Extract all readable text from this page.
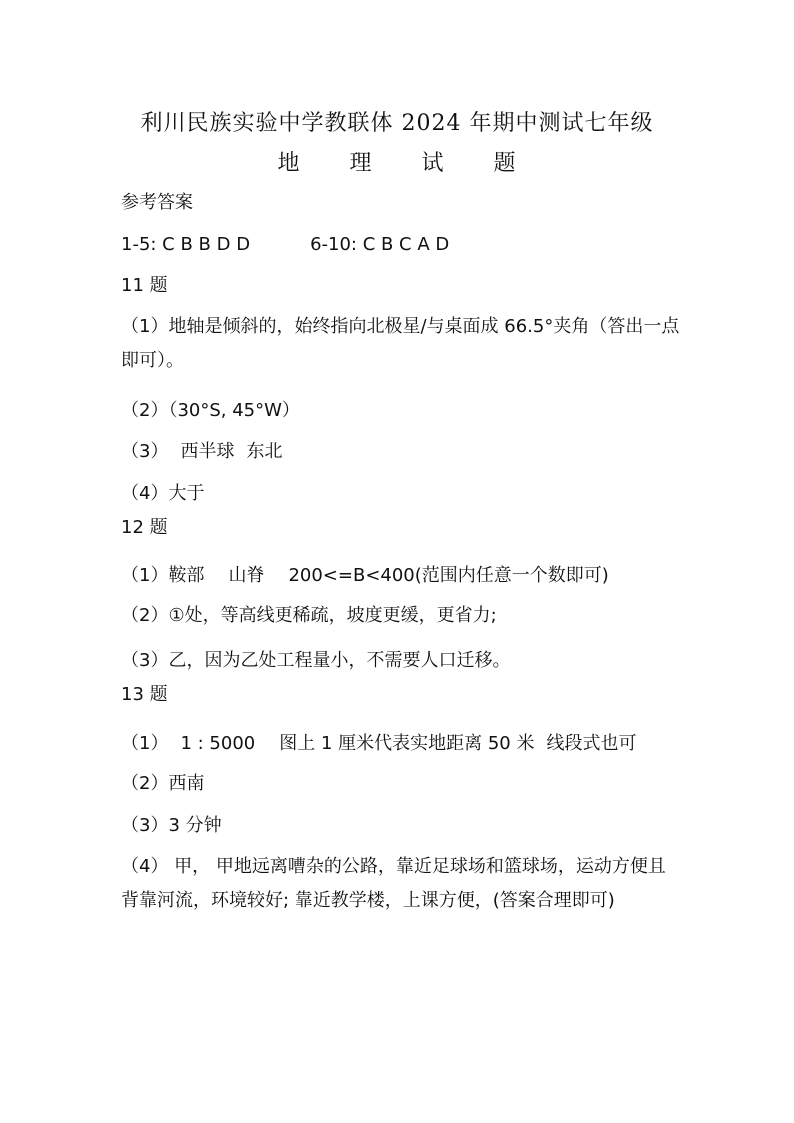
利川民族实验中学教联体 2024 年期中测试七年级
地	理	试	题
参考答案
1-5: C B B D D	6-10: C B C A D
11 题
（1）地轴是倾斜的，始终指向北极星/与桌面成 66.5°夹角（答出一点即可）。
（2）（30°S, 45°W）
（3） 西半球 东北
（4）大于
12 题
（1）鞍部 山脊 200<=B<400(范围内任意一个数即可)
（2）①处，等高线更稀疏，坡度更缓，更省力;
（3）乙，因为乙处工程量小，不需要人口迁移。
13 题
（1） 1 : 5000 图上 1 厘米代表实地距离 50 米 线段式也可
（2）西南
（3）3 分钟
（4） 甲， 甲地远离嘈杂的公路，靠近足球场和篮球场，运动方便且背靠河流，环境较好; 靠近教学楼，上课方便，(答案合理即可)
